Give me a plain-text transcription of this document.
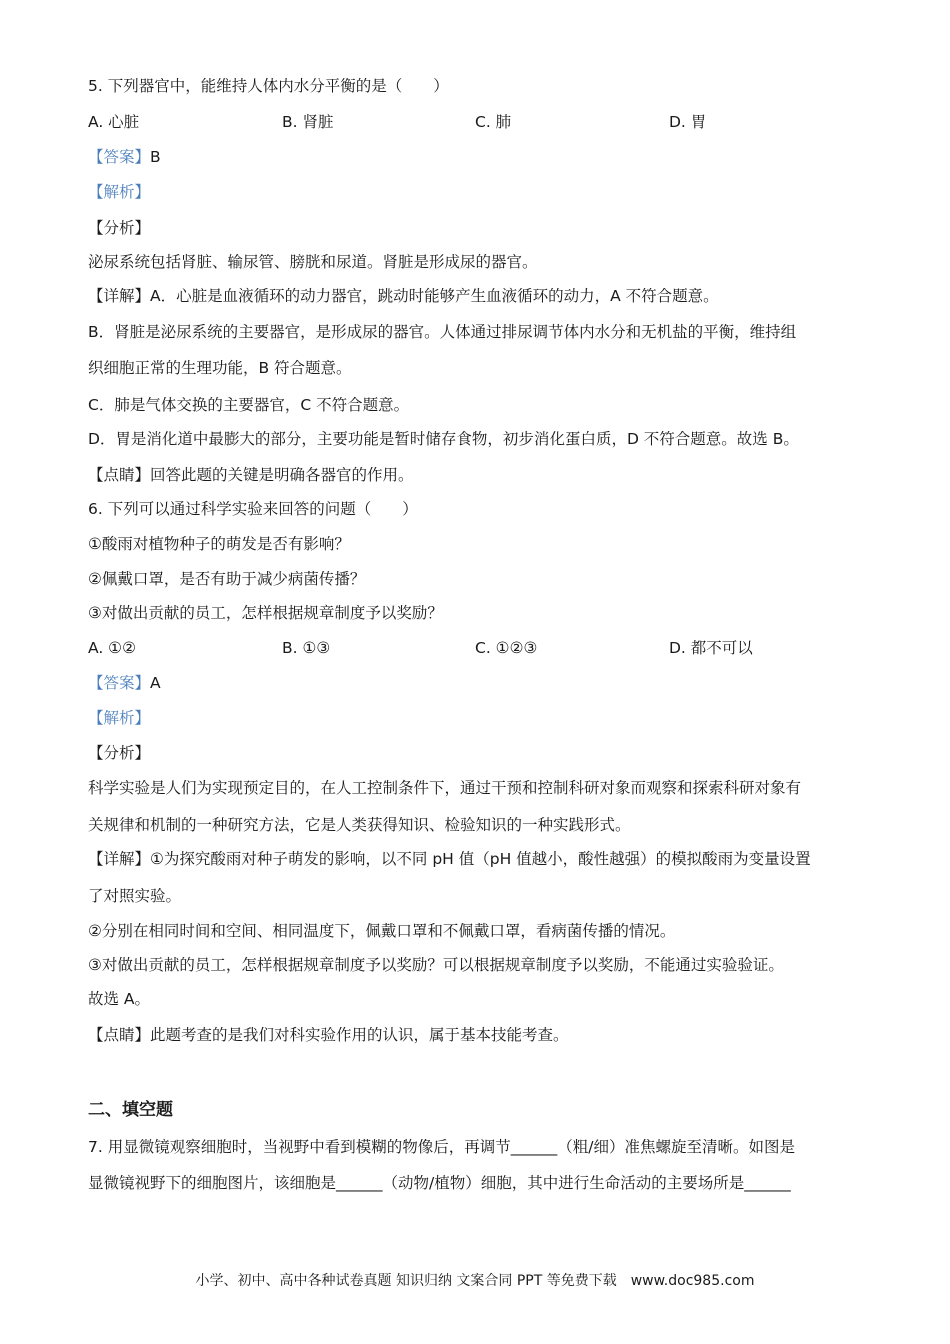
5. 下列器官中，能维持人体内水分平衡的是（　　）
A. 心脏	B. 肾脏	C. 肺	D. 胃
【答案】B
【解析】
【分析】
泌尿系统包括肾脏、输尿管、膀胱和尿道。肾脏是形成尿的器官。
【详解】A．心脏是血液循环的动力器官，跳动时能够产生血液循环的动力，A 不符合题意。
B．肾脏是泌尿系统的主要器官，是形成尿的器官。人体通过排尿调节体内水分和无机盐的平衡，维持组
织细胞正常的生理功能，B 符合题意。
C．肺是气体交换的主要器官，C 不符合题意。
D．胃是消化道中最膨大的部分，主要功能是暂时储存食物，初步消化蛋白质，D 不符合题意。故选 B。
【点睛】回答此题的关键是明确各器官的作用。
6. 下列可以通过科学实验来回答的问题（　　）
①酸雨对植物种子的萌发是否有影响？
②佩戴口罩，是否有助于减少病菌传播？
③对做出贡献的员工，怎样根据规章制度予以奖励？
A. ①②	B. ①③	C. ①②③	D. 都不可以
【答案】A
【解析】
【分析】
科学实验是人们为实现预定目的，在人工控制条件下，通过干预和控制科研对象而观察和探索科研对象有
关规律和机制的一种研究方法，它是人类获得知识、检验知识的一种实践形式。
【详解】①为探究酸雨对种子萌发的影响，以不同 pH 值（pH 值越小，酸性越强）的模拟酸雨为变量设置
了对照实验。
②分别在相同时间和空间、相同温度下，佩戴口罩和不佩戴口罩，看病菌传播的情况。
③对做出贡献的员工，怎样根据规章制度予以奖励？可以根据规章制度予以奖励，不能通过实验验证。
故选 A。
【点睛】此题考查的是我们对科实验作用的认识，属于基本技能考查。
二、填空题
7. 用显微镜观察细胞时，当视野中看到模糊的物像后，再调节______（粗/细）准焦螺旋至清晰。如图是
显微镜视野下的细胞图片，该细胞是______（动物/植物）细胞，其中进行生命活动的主要场所是______
小学、初中、高中各种试卷真题 知识归纳 文案合同 PPT 等免费下载　www.doc985.com
